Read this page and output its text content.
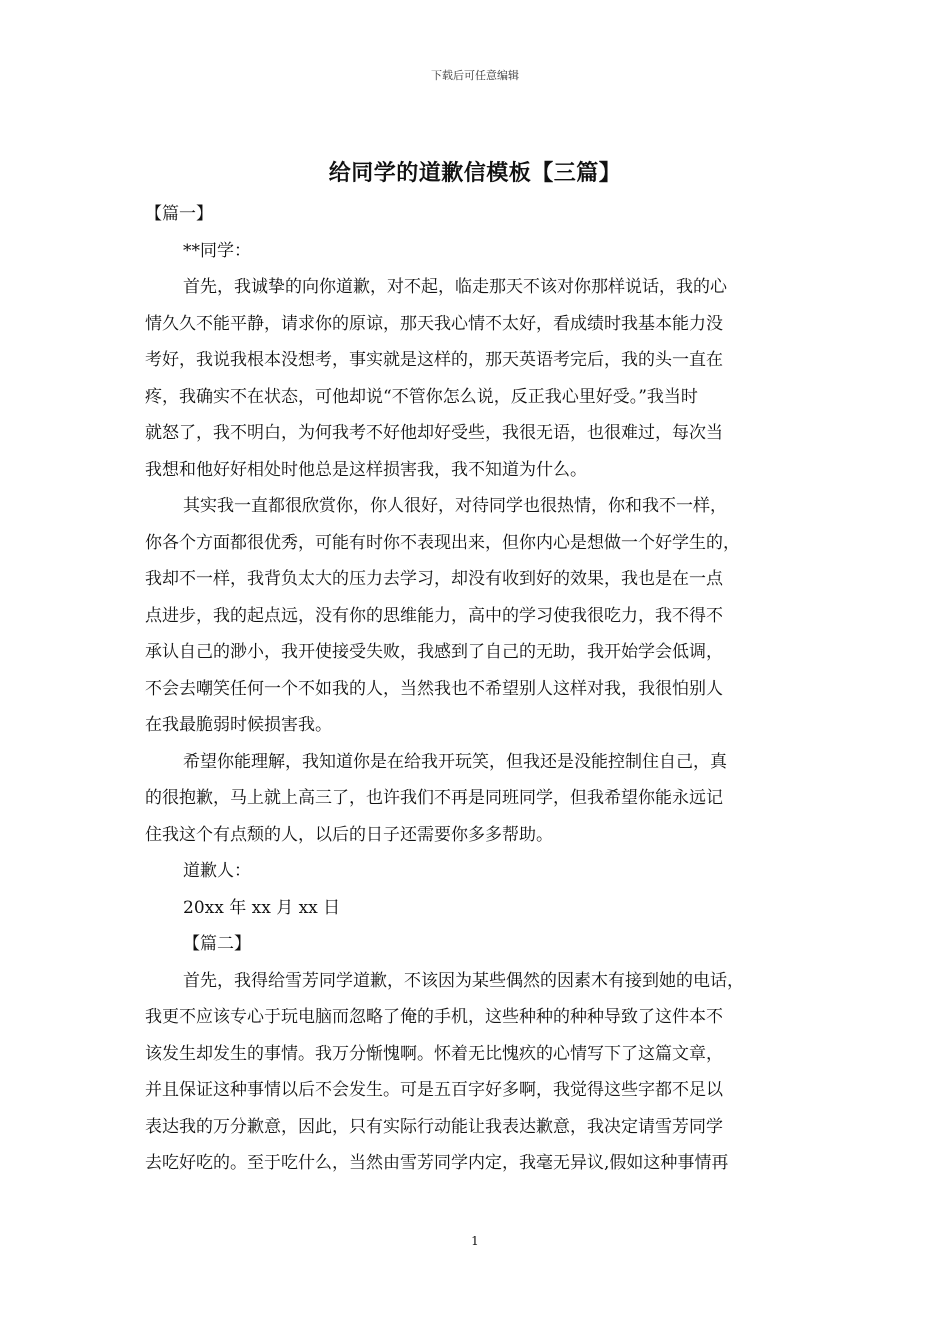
下载后可任意编辑
给同学的道歉信模板【三篇】
【篇一】
**同学：
首先，我诚挚的向你道歉，对不起，临走那天不该对你那样说话，我的心
情久久不能平静，请求你的原谅，那天我心情不太好，看成绩时我基本能力没
考好，我说我根本没想考，事实就是这样的，那天英语考完后，我的头一直在
疼，我确实不在状态，可他却说“不管你怎么说，反正我心里好受。”我当时
就怒了，我不明白，为何我考不好他却好受些，我很无语，也很难过，每次当
我想和他好好相处时他总是这样损害我，我不知道为什么。
其实我一直都很欣赏你，你人很好，对待同学也很热情，你和我不一样，
你各个方面都很优秀，可能有时你不表现出来，但你内心是想做一个好学生的，
我却不一样，我背负太大的压力去学习，却没有收到好的效果，我也是在一点
点进步，我的起点远，没有你的思维能力，高中的学习使我很吃力，我不得不
承认自己的渺小，我开使接受失败，我感到了自己的无助，我开始学会低调，
不会去嘲笑任何一个不如我的人，当然我也不希望别人这样对我，我很怕别人
在我最脆弱时候损害我。
希望你能理解，我知道你是在给我开玩笑，但我还是没能控制住自己，真
的很抱歉，马上就上高三了，也许我们不再是同班同学，但我希望你能永远记
住我这个有点颓的人，以后的日子还需要你多多帮助。
道歉人：
20xx 年 xx 月 xx 日
【篇二】
首先，我得给雪芳同学道歉，不该因为某些偶然的因素木有接到她的电话，
我更不应该专心于玩电脑而忽略了俺的手机，这些种种的种种导致了这件本不
该发生却发生的事情。我万分惭愧啊。怀着无比愧疚的心情写下了这篇文章，
并且保证这种事情以后不会发生。可是五百字好多啊，我觉得这些字都不足以
表达我的万分歉意，因此，只有实际行动能让我表达歉意，我决定请雪芳同学
去吃好吃的。至于吃什么，当然由雪芳同学内定，我毫无异议,假如这种事情再
1
